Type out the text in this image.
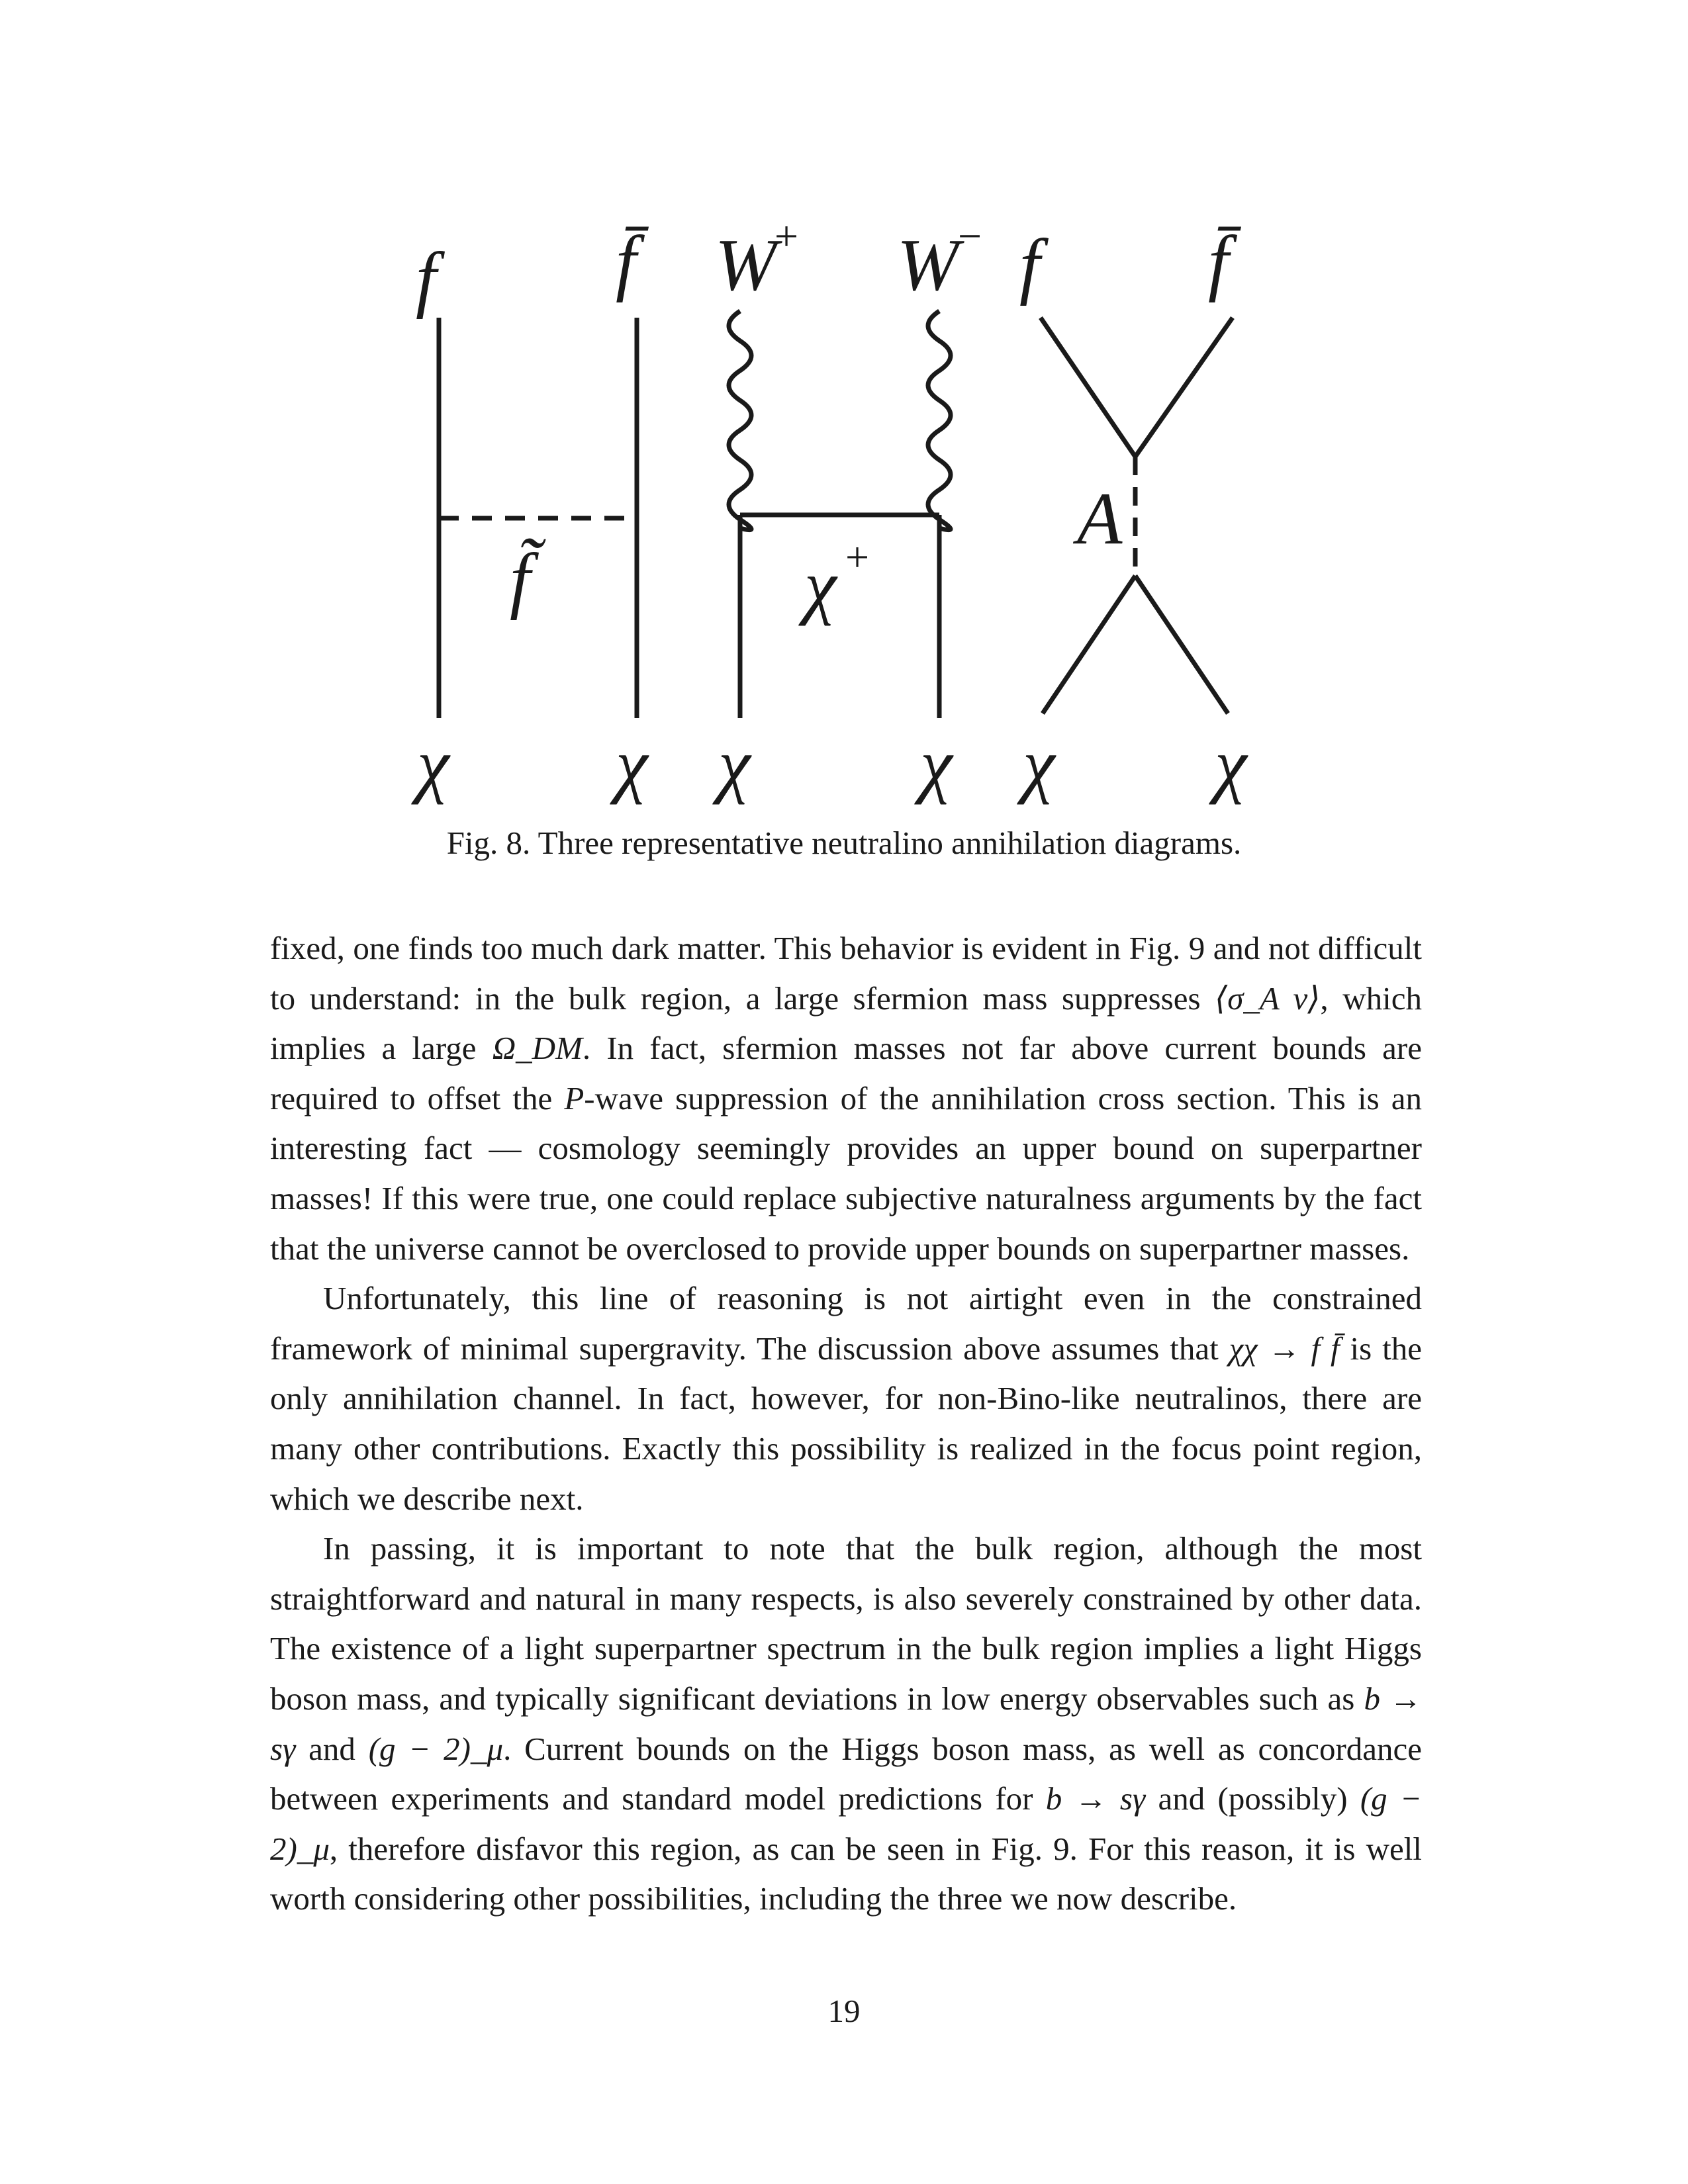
f f̄
f̃
χ χ
W
+ W
−
χ +
χ χ
f f̄
A
χ χ
Fig. 8. Three representative neutralino annihilation diagrams.

fixed, one finds too much dark matter. This behavior is evident in Fig. 9 and not difficult to understand: in the bulk region, a large sfermion mass suppresses ⟨σ_A v⟩, which implies a large Ω_DM. In fact, sfermion masses not far above current bounds are required to offset the P-wave suppression of the annihilation cross section. This is an interesting fact — cosmology seemingly provides an upper bound on superpartner masses! If this were true, one could replace subjective naturalness arguments by the fact that the universe cannot be overclosed to provide upper bounds on superpartner masses.

Unfortunately, this line of reasoning is not airtight even in the constrained framework of minimal supergravity. The discussion above assumes that χχ → f f̄ is the only annihilation channel. In fact, however, for non-Bino-like neutralinos, there are many other contributions. Exactly this possibility is realized in the focus point region, which we describe next.

In passing, it is important to note that the bulk region, although the most straightforward and natural in many respects, is also severely constrained by other data. The existence of a light superpartner spectrum in the bulk region implies a light Higgs boson mass, and typically significant deviations in low energy observables such as b → sγ and (g − 2)_μ. Current bounds on the Higgs boson mass, as well as concordance between experiments and standard model predictions for b → sγ and (possibly) (g − 2)_μ, therefore disfavor this region, as can be seen in Fig. 9. For this reason, it is well worth considering other possibilities, including the three we now describe.

19
